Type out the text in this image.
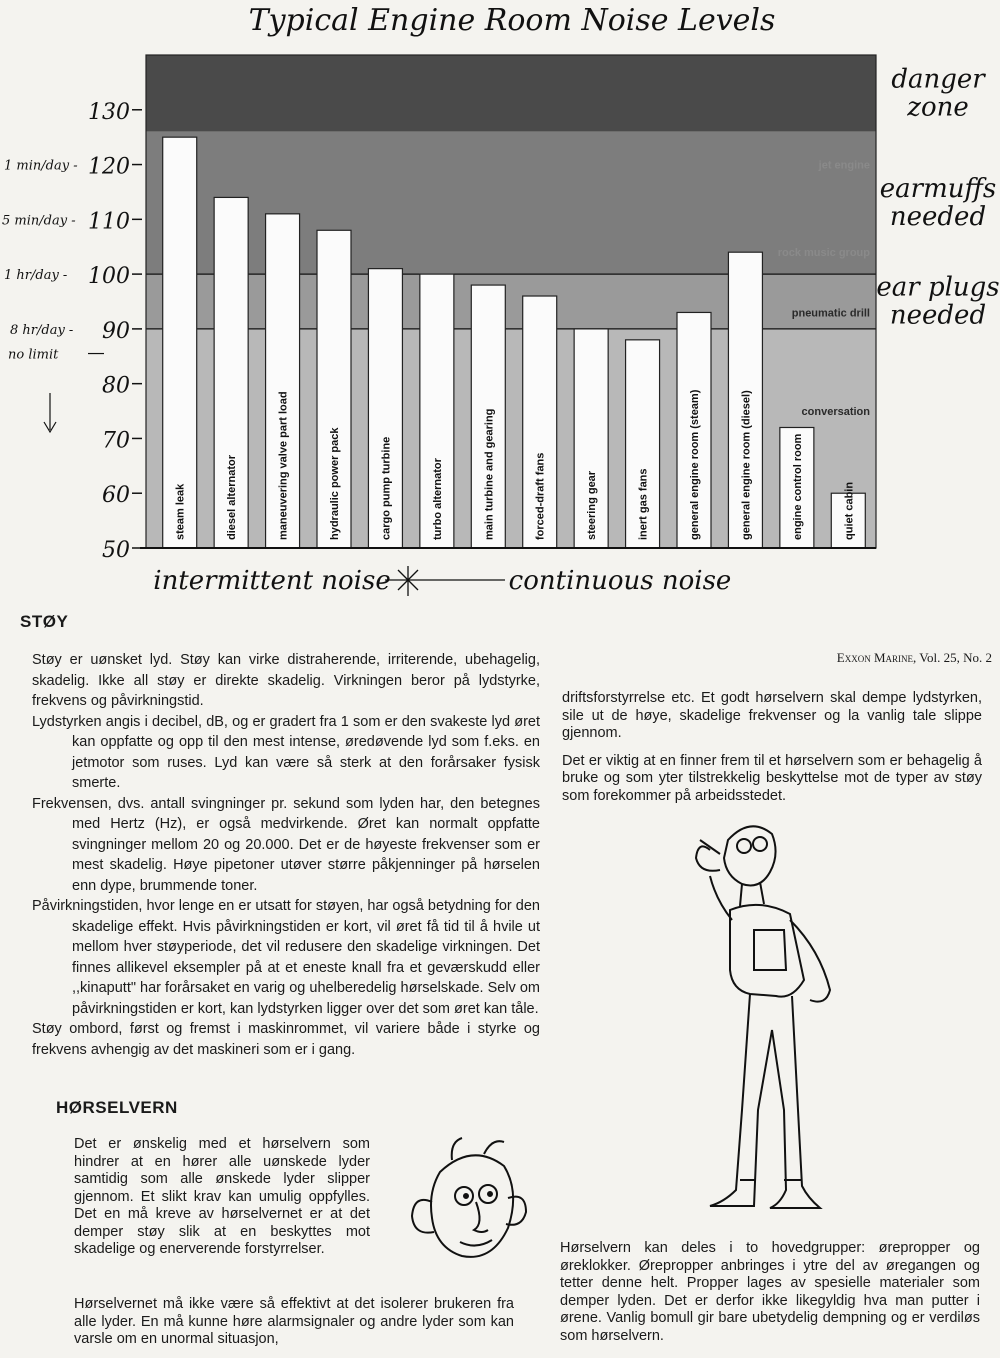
Typical Engine Room Noise Levels
steam leak	diesel alternator	maneuvering valve part load	hydraulic power pack	cargo pump turbine	turbo alternator	main turbine and gearing	forced-draft fans	steering gear	inert gas fans	general engine room (steam)	general engine room (diesel)	engine control room	quiet cabin
50
60
70
80
90
100
110
120
130
1 min/day -
5 min/day -
1 hr/day -
8 hr/day -
no limit
jet engine
rock music group
pneumatic drill
conversation
danger zone
earmuffs needed
ear plugs needed
intermittent noise	continuous noise
STØY

Støy er uønsket lyd. Støy kan virke distraherende, irriterende, ubehagelig, skadelig. Ikke all støy er direkte skadelig. Virkningen beror på lydstyrke, frekvens og påvirkningstid.

Lydstyrken angis i decibel, dB, og er gradert fra 1 som er den svakeste lyd øret kan oppfatte og opp til den mest intense, øredøvende lyd som f.eks. en jetmotor som ruses. Lyd kan være så sterk at den forårsaker fysisk smerte.

Frekvensen, dvs. antall svingninger pr. sekund som lyden har, den betegnes med Hertz (Hz), er også medvirkende. Øret kan normalt oppfatte svingninger mellom 20 og 20.000. Det er de høyeste frekvenser som er mest skadelig. Høye pipetoner utøver større påkjenninger på hørselen enn dype, brummende toner.

Påvirkningstiden, hvor lenge en er utsatt for støyen, har også betydning for den skadelige effekt. Hvis påvirkningstiden er kort, vil øret få tid til å hvile ut mellom hver støyperiode, det vil redusere den skadelige virkningen. Det finnes allikevel eksempler på at et eneste knall fra et geværskudd eller ,,kinaputt" har forårsaket en varig og uhelberedelig hørselskade. Selv om påvirkningstiden er kort, kan lydstyrken ligger over det som øret kan tåle.

Støy ombord, først og fremst i maskinrommet, vil variere både i styrke og frekvens avhengig av det maskineri som er i gang.

HØRSELVERN

Det er ønskelig med et hørselvern som hindrer at en hører alle uønskede lyder samtidig som alle ønskede lyder slipper gjennom. Et slikt krav kan umulig oppfylles. Det en må kreve av hørselvernet er at det demper støy slik at en beskyttes mot skadelige og enerverende forstyrrelser.

Hørselvernet må ikke være så effektivt at det isolerer brukeren fra alle lyder. En må kunne høre alarmsignaler og andre lyder som kan varsle om en unormal situasjon,

Exxon Marine, Vol. 25, No. 2

driftsforstyrrelse etc. Et godt hørselvern skal dempe lydstyrken, sile ut de høye, skadelige frekvenser og la vanlig tale slippe gjennom.

Det er viktig at en finner frem til et hørselvern som er behagelig å bruke og som yter tilstrekkelig beskyttelse mot de typer av støy som forekommer på arbeidsstedet.

Hørselvern kan deles i to hovedgrupper: ørepropper og øreklokker. Ørepropper anbringes i ytre del av øregangen og tetter denne helt. Propper lages av spesielle materialer som demper lyden. Det er derfor ikke likegyldig hva man putter i ørene. Vanlig bomull gir bare ubetydelig dempning og er verdiløs som hørselvern.
